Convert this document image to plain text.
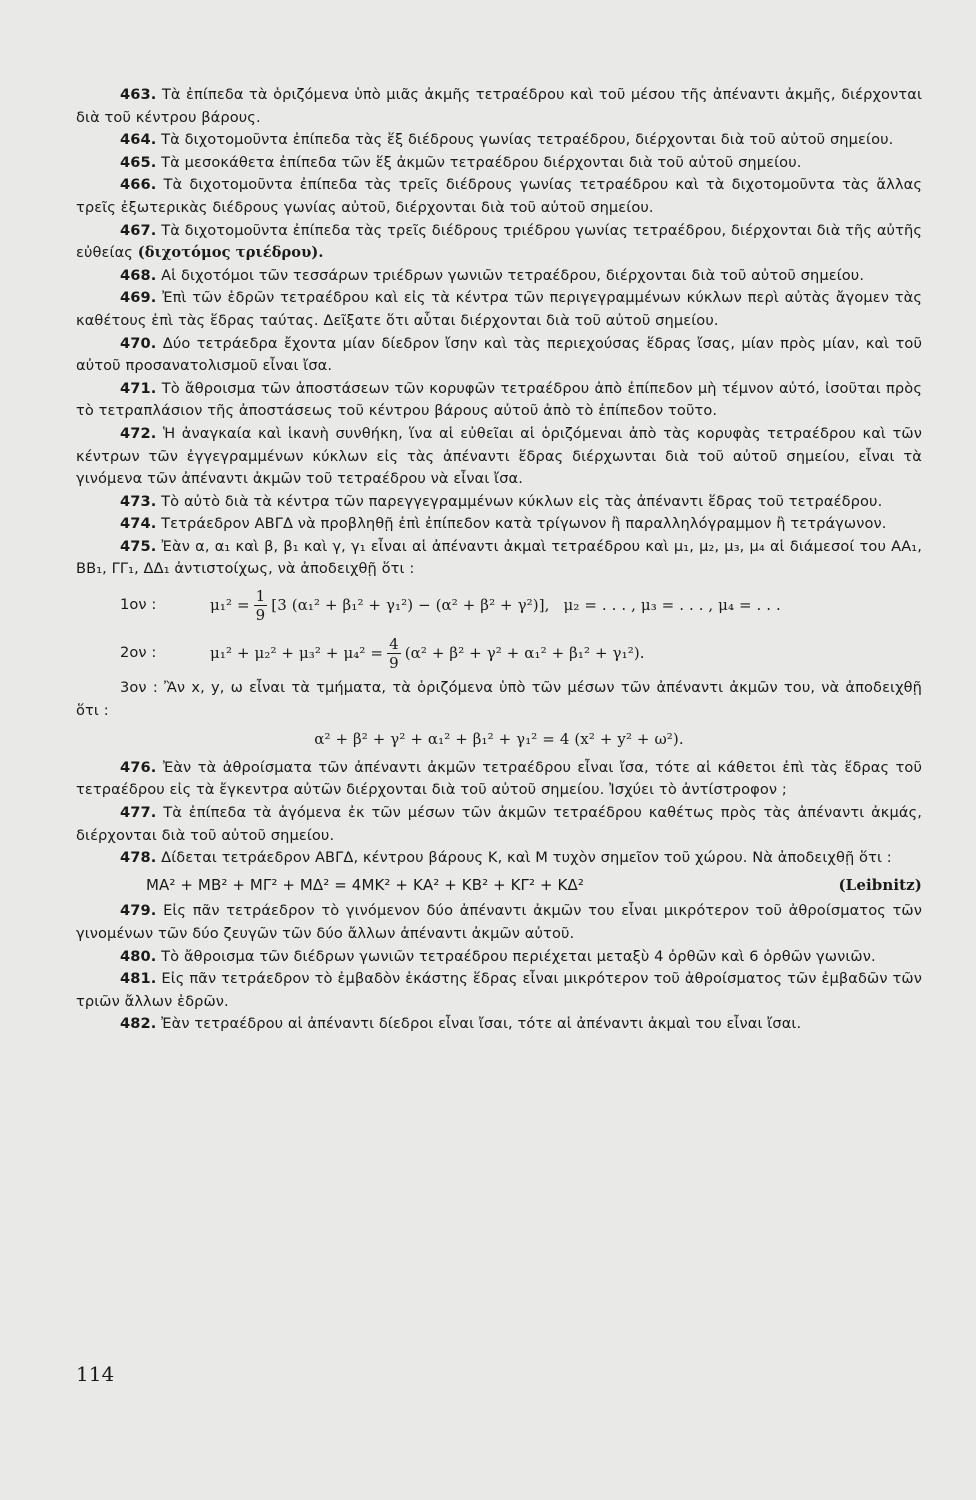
463. Τὰ ἐπίπεδα τὰ ὁριζόμενα ὑπὸ μιᾶς ἀκμῆς τετραέδρου καὶ τοῦ μέσου τῆς ἀπέναντι ἀκμῆς, διέρχονται διὰ τοῦ κέντρου βάρους.
464. Τὰ διχοτομοῦντα ἐπίπεδα τὰς ἕξ διέδρους γωνίας τετραέδρου, διέρχονται διὰ τοῦ αὐτοῦ σημείου.
465. Τὰ μεσοκάθετα ἐπίπεδα τῶν ἕξ ἀκμῶν τετραέδρου διέρχονται διὰ τοῦ αὐτοῦ σημείου.
466. Τὰ διχοτομοῦντα ἐπίπεδα τὰς τρεῖς διέδρους γωνίας τετραέδρου καὶ τὰ διχοτομοῦντα τὰς ἄλλας τρεῖς ἐξωτερικὰς διέδρους γωνίας αὐτοῦ, διέρχονται διὰ τοῦ αὐτοῦ σημείου.
467. Τὰ διχοτομοῦντα ἐπίπεδα τὰς τρεῖς διέδρους τριέδρου γωνίας τετραέδρου, διέρχονται διὰ τῆς αὐτῆς εὐθείας (διχοτόμος τριέδρου).
468. Αἱ διχοτόμοι τῶν τεσσάρων τριέδρων γωνιῶν τετραέδρου, διέρχονται διὰ τοῦ αὐτοῦ σημείου.
469. Ἐπὶ τῶν ἑδρῶν τετραέδρου καὶ εἰς τὰ κέντρα τῶν περιγεγραμμένων κύκλων περὶ αὐτὰς ἄγομεν τὰς καθέτους ἐπὶ τὰς ἕδρας ταύτας. Δεῖξατε ὅτι αὗται διέρχονται διὰ τοῦ αὐτοῦ σημείου.
470. Δύο τετράεδρα ἔχοντα μίαν δίεδρον ἴσην καὶ τὰς περιεχούσας ἕδρας ἴσας, μίαν πρὸς μίαν, καὶ τοῦ αὐτοῦ προσανατολισμοῦ εἶναι ἴσα.
471. Τὸ ἄθροισμα τῶν ἀποστάσεων τῶν κορυφῶν τετραέδρου ἀπὸ ἐπίπεδον μὴ τέμνον αὐτό, ἰσοῦται πρὸς τὸ τετραπλάσιον τῆς ἀποστάσεως τοῦ κέντρου βάρους αὐτοῦ ἀπὸ τὸ ἐπίπεδον τοῦτο.
472. Ἡ ἀναγκαία καὶ ἱκανὴ συνθήκη, ἵνα αἱ εὐθεῖαι αἱ ὁριζόμεναι ἀπὸ τὰς κορυφὰς τετραέδρου καὶ τῶν κέντρων τῶν ἐγγεγραμμένων κύκλων εἰς τὰς ἀπέναντι ἕδρας διέρχωνται διὰ τοῦ αὐτοῦ σημείου, εἶναι τὰ γινόμενα τῶν ἀπέναντι ἀκμῶν τοῦ τετραέδρου νὰ εἶναι ἴσα.
473. Τὸ αὐτὸ διὰ τὰ κέντρα τῶν παρεγγεγραμμένων κύκλων εἰς τὰς ἀπέναντι ἕδρας τοῦ τετραέδρου.
474. Τετράεδρον ΑΒΓΔ νὰ προβληθῇ ἐπὶ ἐπίπεδον κατὰ τρίγωνον ἢ παραλληλόγραμμον ἢ τετράγωνον.
475. Ἐὰν α, α₁ καὶ β, β₁ καὶ γ, γ₁ εἶναι αἱ ἀπέναντι ἀκμαὶ τετραέδρου καὶ μ₁, μ₂, μ₃, μ₄ αἱ διάμεσοί του ΑΑ₁, ΒΒ₁, ΓΓ₁, ΔΔ₁ ἀντιστοίχως, νὰ ἀποδειχθῇ ὅτι :
1ον :	$\mu_1^2 = \frac{1}{9} [3$ (α₁² + β₁² + γ₁²) − (α² + β² + γ²)], μ₂ = . . . , μ₃ = . . . , μ₄ = . . .
2ον :	$\mu_1^2 + \mu_2^2 + \mu_3^2 + \mu_4^2 = \frac{4}{9} (\alpha^2 + \beta^2 + \gamma^2 + \alpha_1^2 + \beta_1^2 + \gamma_1^2)$.
3ον : Ἂν x, y, ω εἶναι τὰ τμήματα, τὰ ὁριζόμενα ὑπὸ τῶν μέσων τῶν ἀπέναντι ἀκμῶν του, νὰ ἀποδειχθῇ ὅτι :
α² + β² + γ² + α₁² + β₁² + γ₁² = 4 (x² + y² + ω²).
476. Ἐὰν τὰ ἀθροίσματα τῶν ἀπέναντι ἀκμῶν τετραέδρου εἶναι ἴσα, τότε αἱ κάθετοι ἐπὶ τὰς ἕδρας τοῦ τετραέδρου εἰς τὰ ἔγκεντρα αὐτῶν διέρχονται διὰ τοῦ αὐτοῦ σημείου. Ἰσχύει τὸ ἀντίστροφον ;
477. Τὰ ἐπίπεδα τὰ ἀγόμενα ἐκ τῶν μέσων τῶν ἀκμῶν τετραέδρου καθέτως πρὸς τὰς ἀπέναντι ἀκμάς, διέρχονται διὰ τοῦ αὐτοῦ σημείου.
478. Δίδεται τετράεδρον ΑΒΓΔ, κέντρου βάρους Κ, καὶ Μ τυχὸν σημεῖον τοῦ χώρου. Νὰ ἀποδειχθῇ ὅτι :
ΜΑ² + ΜΒ² + ΜΓ² + ΜΔ² = 4ΜΚ² + ΚΑ² + ΚΒ² + ΚΓ² + ΚΔ²	(Leibnitz)
479. Εἰς πᾶν τετράεδρον τὸ γινόμενον δύο ἀπέναντι ἀκμῶν του εἶναι μικρότερον τοῦ ἀθροίσματος τῶν γινομένων τῶν δύο ζευγῶν τῶν δύο ἄλλων ἀπέναντι ἀκμῶν αὐτοῦ.
480. Τὸ ἄθροισμα τῶν διέδρων γωνιῶν τετραέδρου περιέχεται μεταξὺ 4 ὀρθῶν καὶ 6 ὀρθῶν γωνιῶν.
481. Εἰς πᾶν τετράεδρον τὸ ἐμβαδὸν ἑκάστης ἕδρας εἶναι μικρότερον τοῦ ἀθροίσματος τῶν ἐμβαδῶν τῶν τριῶν ἄλλων ἑδρῶν.
482. Ἐὰν τετραέδρου αἱ ἀπέναντι δίεδροι εἶναι ἴσαι, τότε αἱ ἀπέναντι ἀκμαὶ του εἶναι ἴσαι.
114
